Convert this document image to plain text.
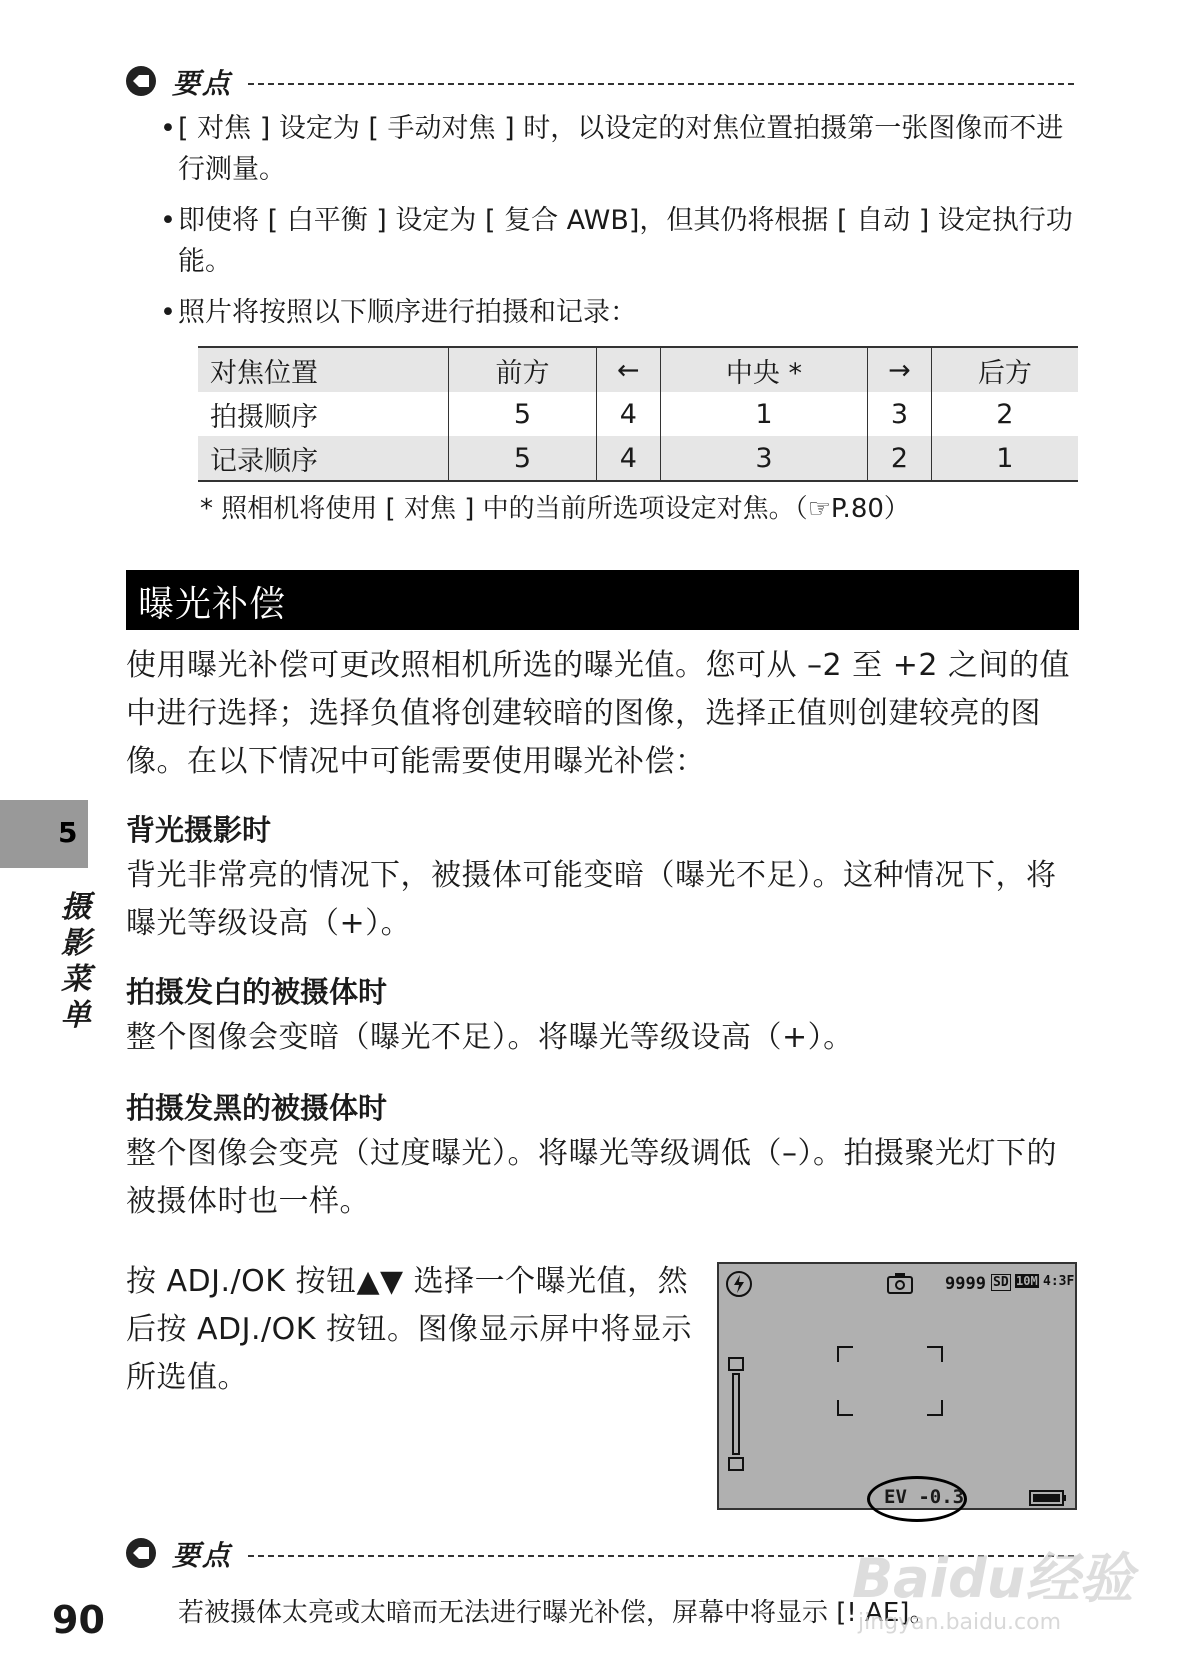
要点
• [ 对焦 ] 设定为 [ 手动对焦 ] 时，以设定的对焦位置拍摄第一张图像而不进行测量。
• 即使将 [ 白平衡 ] 设定为 [ 复合 AWB]，但其仍将根据 [ 自动 ] 设定执行功能。
• 照片将按照以下顺序进行拍摄和记录：
对焦位置	前方	←	中央 *	→	后方
拍摄顺序	5	4	1	3	2
记录顺序	5	4	3	2	1
* 照相机将使用 [ 对焦 ] 中的当前所选项设定对焦。（☞P.80）
曝光补偿
使用曝光补偿可更改照相机所选的曝光值。您可从 –2 至 +2 之间的值中进行选择；选择负值将创建较暗的图像，选择正值则创建较亮的图像。在以下情况中可能需要使用曝光补偿：
背光摄影时
背光非常亮的情况下，被摄体可能变暗（曝光不足）。这种情况下，将曝光等级设高（+）。
拍摄发白的被摄体时
整个图像会变暗（曝光不足）。将曝光等级设高（+）。
拍摄发黑的被摄体时
整个图像会变亮（过度曝光）。将曝光等级调低（–）。拍摄聚光灯下的被摄体时也一样。
按 ADJ./OK 按钮▲▼ 选择一个曝光值，然后按 ADJ./OK 按钮。图像显示屏中将显示所选值。
9999 SD 10M 4:3F
EV -0.3
要点
若被摄体太亮或太暗而无法进行曝光补偿，屏幕中将显示 [! AE]。
5
摄影菜单
90
Baidu经验
jingyan.baidu.com
